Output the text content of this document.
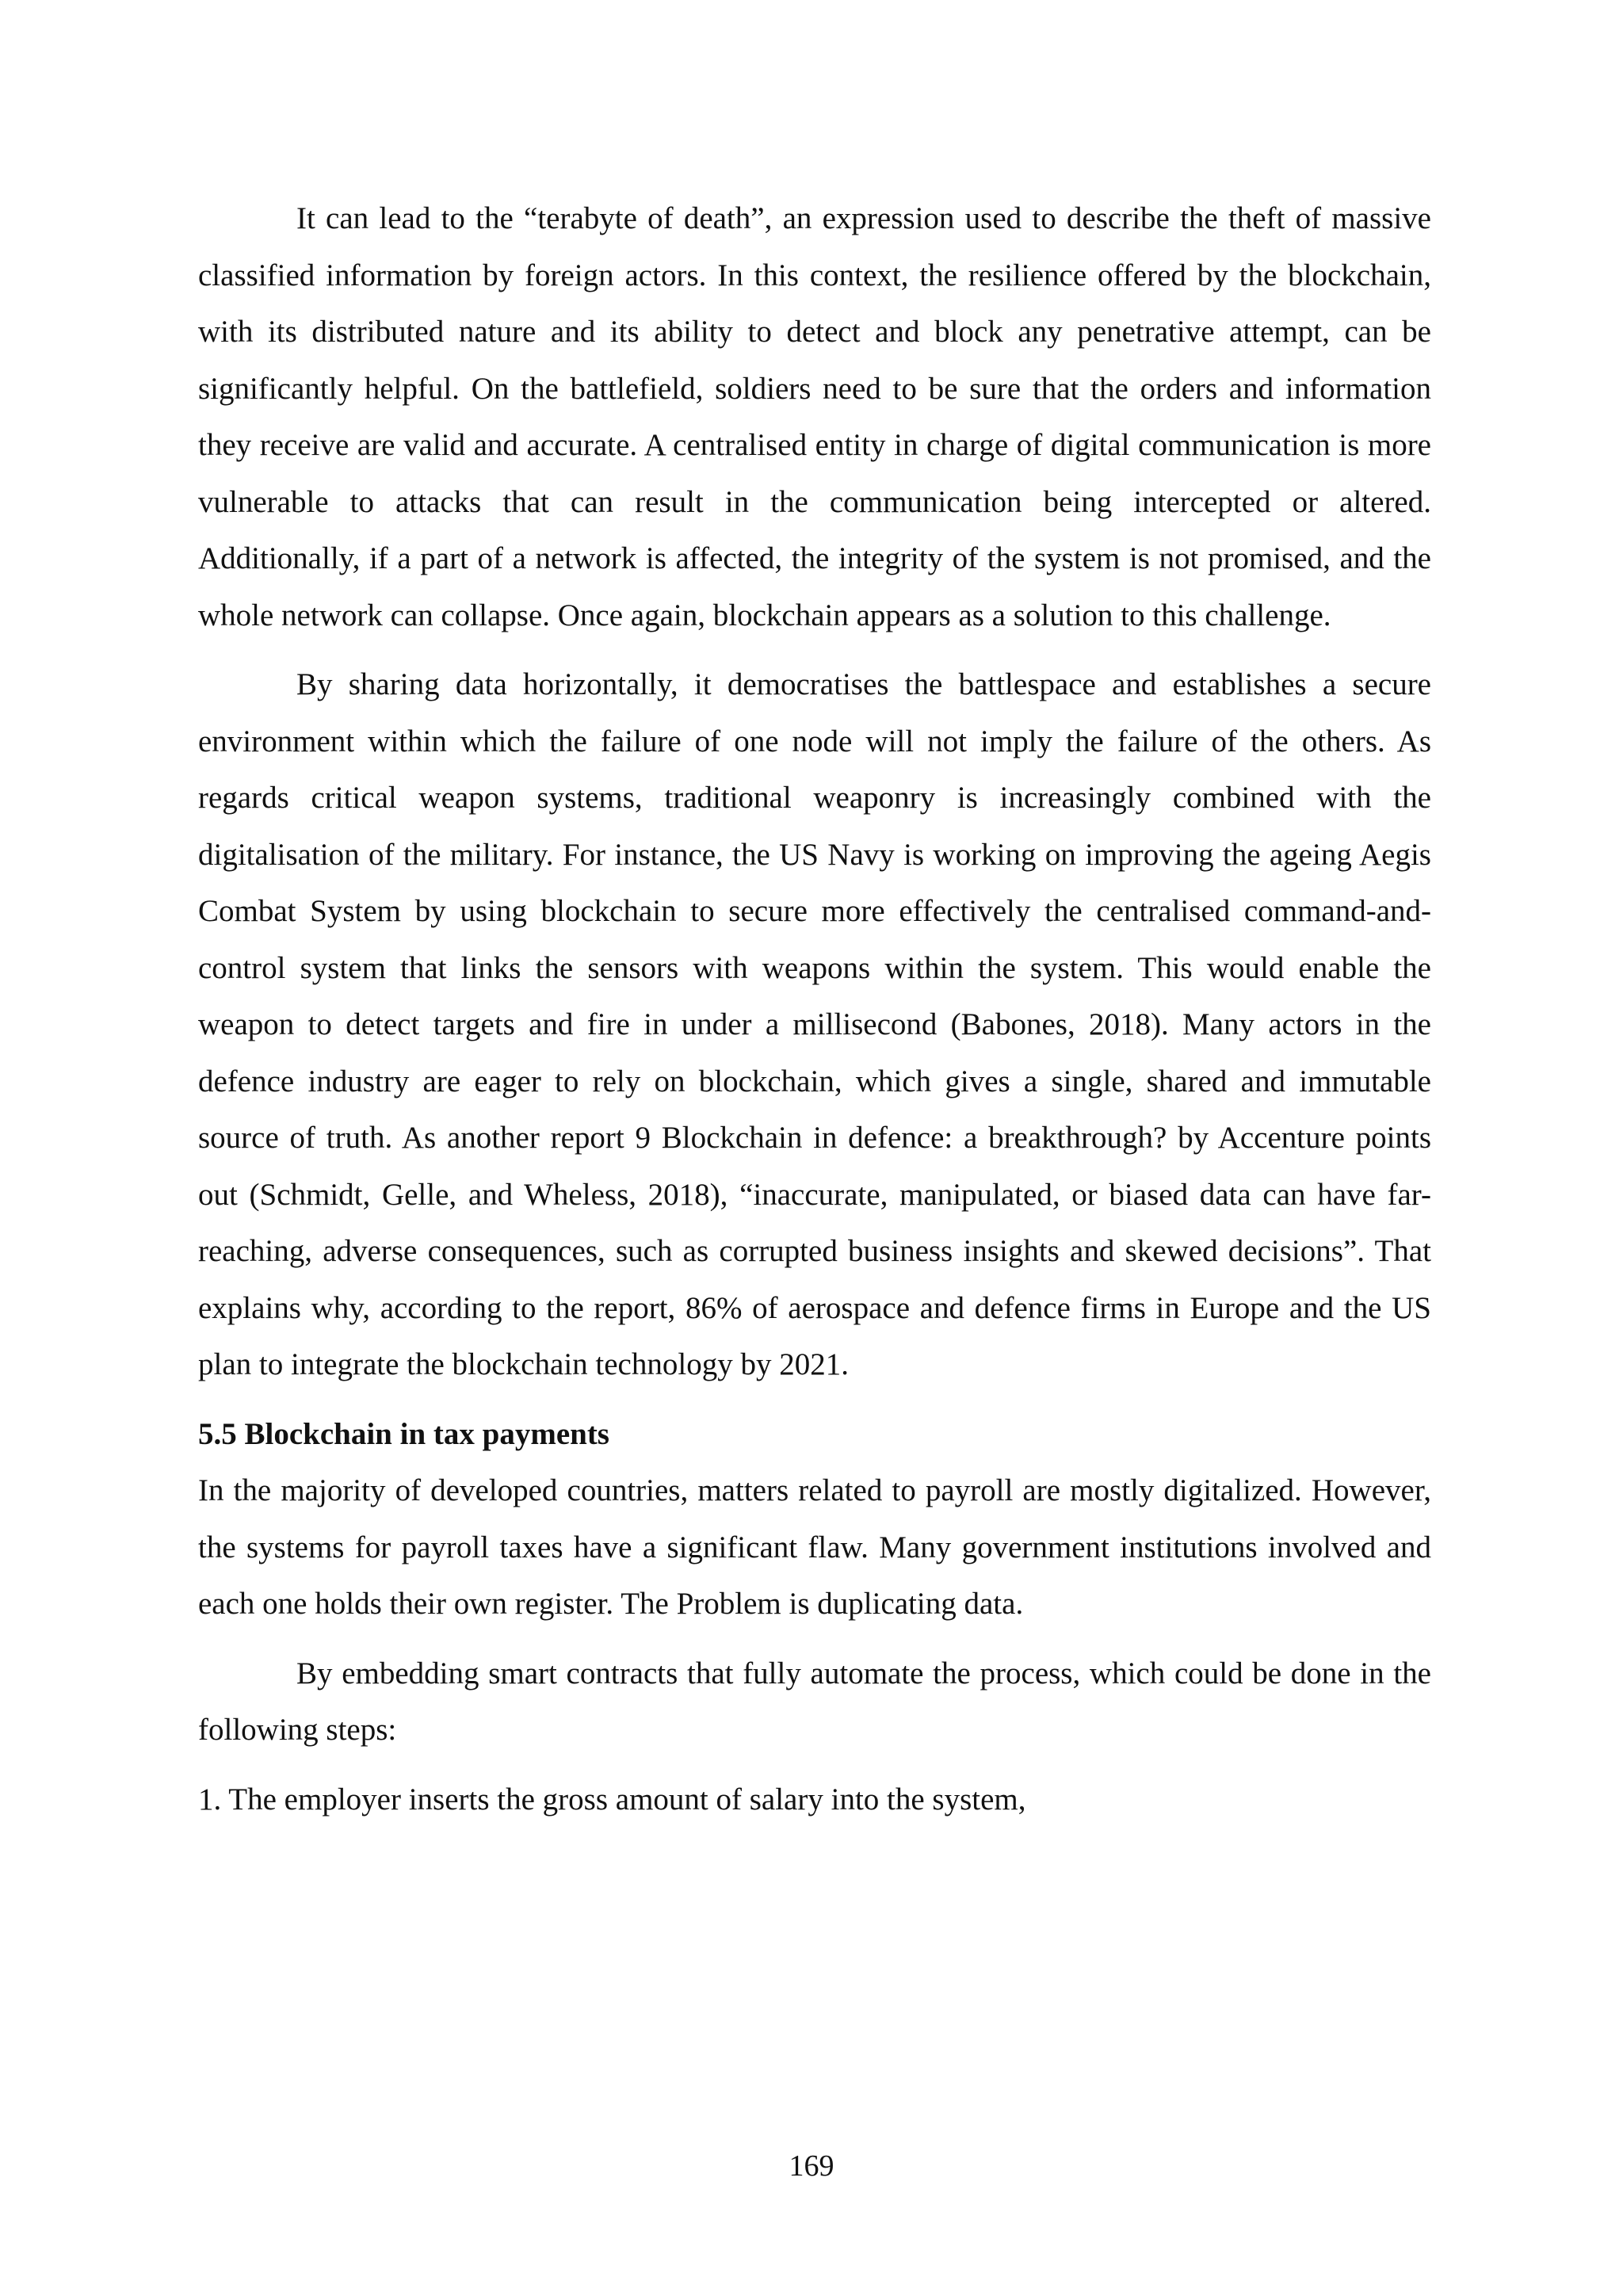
It can lead to the “terabyte of death”, an expression used to describe the theft of massive classified information by foreign actors. In this context, the resilience offered by the blockchain, with its distributed nature and its ability to detect and block any penetrative attempt, can be significantly helpful. On the battlefield, soldiers need to be sure that the orders and information they receive are valid and accurate. A centralised entity in charge of digital communication is more vulnerable to attacks that can result in the communication being intercepted or altered. Additionally, if a part of a network is affected, the integrity of the system is not promised, and the whole network can collapse. Once again, blockchain appears as a solution to this challenge.

By sharing data horizontally, it democratises the battlespace and establishes a secure environment within which the failure of one node will not imply the failure of the others. As regards critical weapon systems, traditional weaponry is increasingly combined with the digitalisation of the military. For instance, the US Navy is working on improving the ageing Aegis Combat System by using blockchain to secure more effectively the centralised command-and-control system that links the sensors with weapons within the system. This would enable the weapon to detect targets and fire in under a millisecond (Babones, 2018). Many actors in the defence industry are eager to rely on blockchain, which gives a single, shared and immutable source of truth. As another report 9 Blockchain in defence: a breakthrough? by Accenture points out (Schmidt, Gelle, and Wheless, 2018), “inaccurate, manipulated, or biased data can have far-reaching, adverse consequences, such as corrupted business insights and skewed decisions”. That explains why, according to the report, 86% of aerospace and defence firms in Europe and the US plan to integrate the blockchain technology by 2021.

5.5 Blockchain in tax payments

In the majority of developed countries, matters related to payroll are mostly digitalized. However, the systems for payroll taxes have a significant flaw. Many government institutions involved and each one holds their own register. The Problem is duplicating data.

By embedding smart contracts that fully automate the process, which could be done in the following steps:

1. The employer inserts the gross amount of salary into the system,

169
